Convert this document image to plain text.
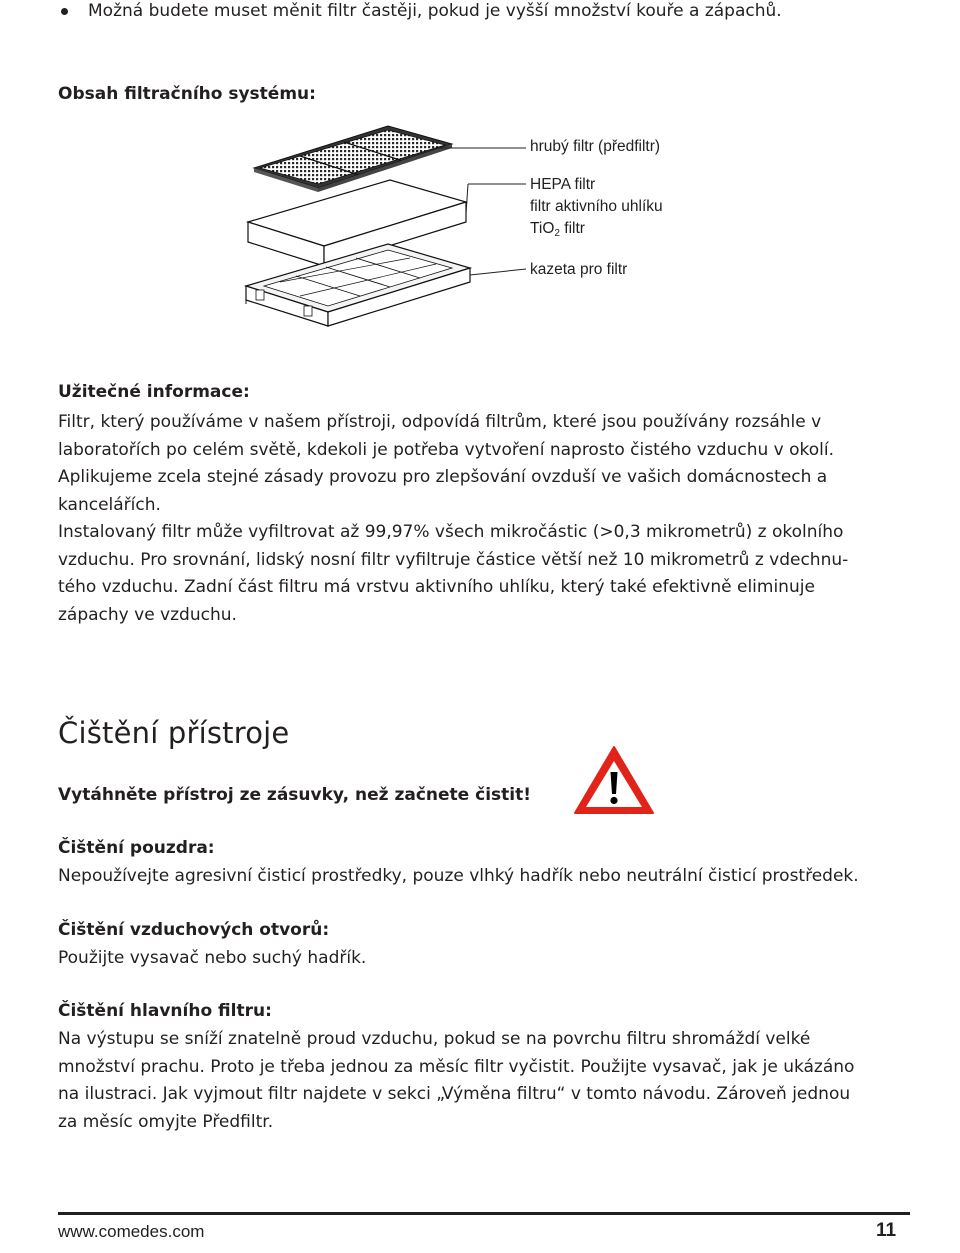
Možná budete muset měnit filtr častěji, pokud je vyšší množství kouře a zápachů.
Obsah filtračního systému:
hrubý filtr (předfiltr)
HEPA filtr
filtr aktivního uhlíku
TiO$_2$ filtr
kazeta pro filtr
Užitečné informace:
Filtr, který používáme v našem přístroji, odpovídá filtrům, které jsou používány rozsáhle v
laboratořích po celém světě, kdekoli je potřeba vytvoření naprosto čistého vzduchu v okolí.
Aplikujeme zcela stejné zásady provozu pro zlepšování ovzduší ve vašich domácnostech a
kancelářích.
Instalovaný filtr může vyfiltrovat až 99,97% všech mikročástic (>0,3 mikrometrů) z okolního
vzduchu. Pro srovnání, lidský nosní filtr vyfiltruje částice větší než 10 mikrometrů z vdechnu-
tého vzduchu. Zadní část filtru má vrstvu aktivního uhlíku, který také efektivně eliminuje
zápachy ve vzduchu.
Čištění přístroje
Vytáhněte přístroj ze zásuvky, než začnete čistit!
Čištění pouzdra:
Nepoužívejte agresivní čisticí prostředky, pouze vlhký hadřík nebo neutrální čisticí prostředek.
Čištění vzduchových otvorů:
Použijte vysavač nebo suchý hadřík.
Čištění hlavního filtru:
Na výstupu se sníží znatelně proud vzduchu, pokud se na povrchu filtru shromáždí velké
množství prachu. Proto je třeba jednou za měsíc filtr vyčistit. Použijte vysavač, jak je ukázáno
na ilustraci. Jak vyjmout filtr najdete v sekci „Výměna filtru“ v tomto návodu. Zároveň jednou
za měsíc omyjte Předfiltr.
www.comedes.com	11
